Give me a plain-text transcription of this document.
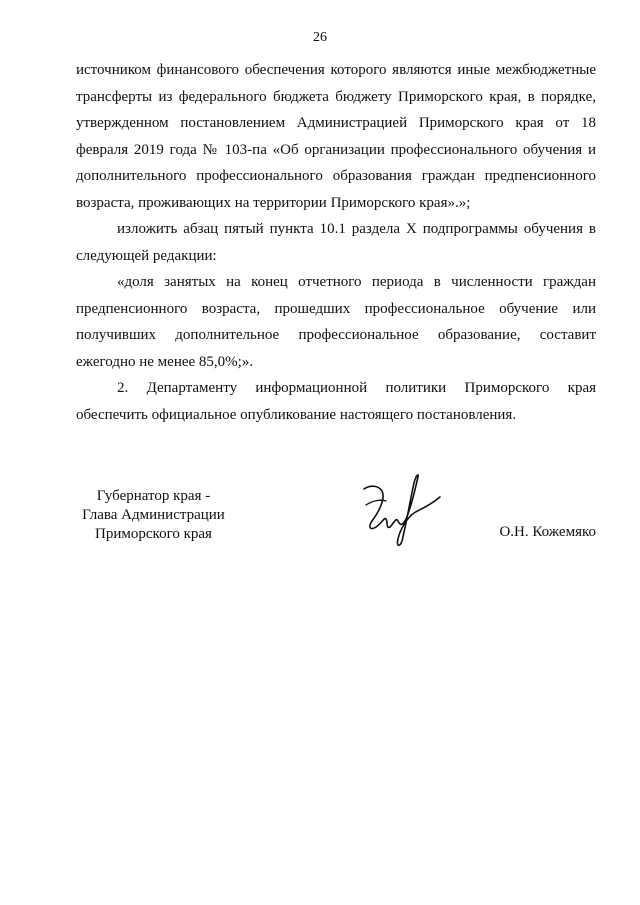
26

источником финансового обеспечения которого являются иные межбюджетные трансферты из федерального бюджета бюджету Приморского края, в порядке, утвержденном постановлением Администрацией Приморского края от 18 февраля 2019 года № 103-па «Об организации профессионального обучения и дополнительного профессионального образования граждан предпенсионного возраста, проживающих на территории Приморского края».»;

изложить абзац пятый пункта 10.1 раздела X подпрограммы обучения в следующей редакции:

«доля занятых на конец отчетного периода в численности граждан предпенсионного возраста, прошедших профессиональное обучение или получивших дополнительное профессиональное образование, составит ежегодно не менее 85,0%;».

2. Департаменту информационной политики Приморского края обеспечить официальное опубликование настоящего постановления.

Губернатор края -
Глава Администрации
Приморского края	О.Н. Кожемяко
